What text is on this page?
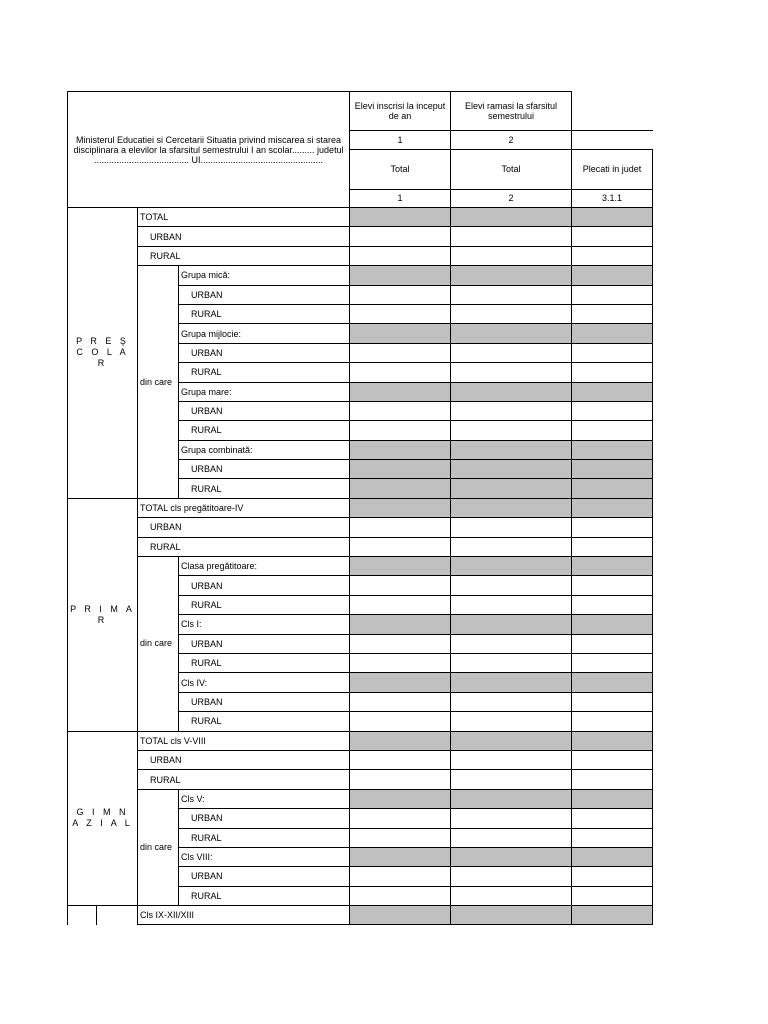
Ministerul Educatiei si Cercetarii Situatia privind miscarea si starea disciplinara a elevilor la sfarsitul semestrului I an scolar......... judetul ...................................... UI.................................................			Elevi inscrisi la inceput de an	Elevi ramasi la sfarsitul semestrului	
			1	2	
			Total	Total	Plecati in judet
			1	2	3.1.1
P R E Ş C O L A R	TOTAL				
	URBAN				
	RURAL				
	din care	Grupa mică:			
		URBAN			
		RURAL			
		Grupa mijlocie:			
		URBAN			
		RURAL			
		Grupa mare:			
		URBAN			
		RURAL			
		Grupa combinată:			
		URBAN			
		RURAL			
P R I M A R	TOTAL cls pregătitoare-IV				
	URBAN				
	RURAL				
	din care	Clasa pregătitoare:			
		URBAN			
		RURAL			
		Cls I:			
		URBAN			
		RURAL			
		Cls IV:			
		URBAN			
		RURAL			
G I M N A Z I A L	TOTAL cls V-VIII				
	URBAN				
	RURAL				
	din care	Cls V:			
		URBAN			
		RURAL			
		Cls VIII:			
		URBAN			
		RURAL			

	Cls IX-XII/XIII				
